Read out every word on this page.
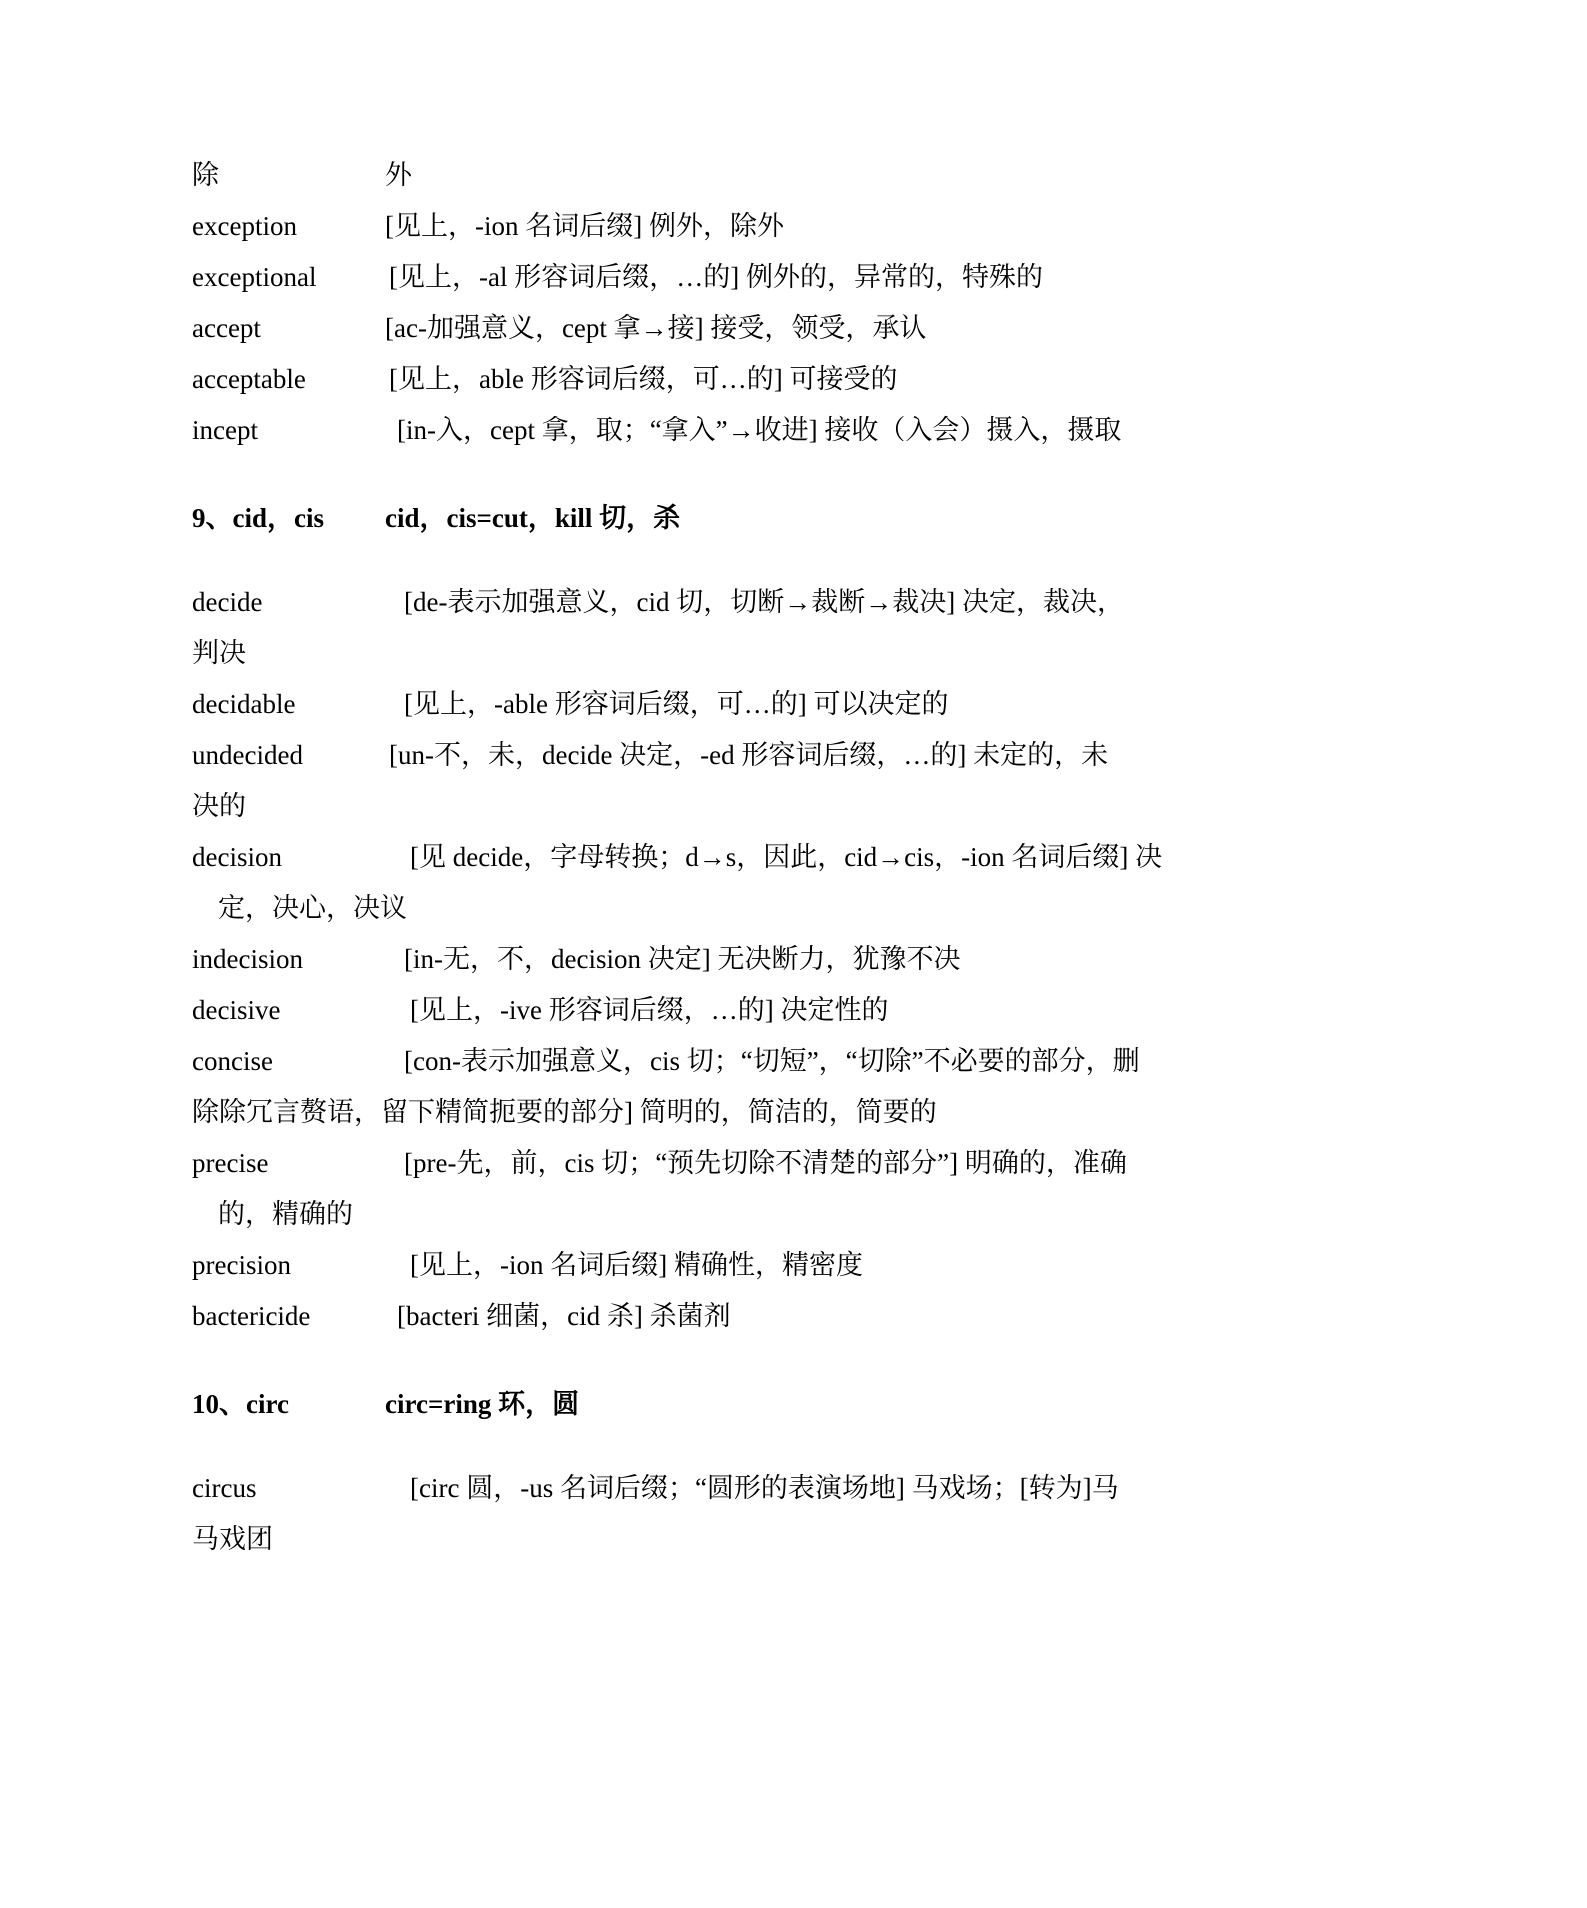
除	外
exception	[见上，-ion 名词后缀] 例外，除外
exceptional	[见上，-al 形容词后缀，…的] 例外的，异常的，特殊的
accept	[ac-加强意义，cept 拿→接] 接受，领受，承认
acceptable	[见上，able 形容词后缀，可…的] 可接受的
incept	[in-入，cept 拿，取；“拿入”→收进] 接收（入会）摄入，摄取
9、cid，cis cid，cis=cut，kill 切，杀
decide	[de-表示加强意义，cid 切，切断→裁断→裁决] 决定，裁决，
判决
decidable	[见上，-able 形容词后缀，可…的] 可以决定的
undecided	[un-不，未，decide 决定，-ed 形容词后缀，…的] 未定的，未
决的
decision	[见 decide，字母转换；d→s，因此，cid→cis，-ion 名词后缀] 决
定，决心，决议
indecision	[in-无，不，decision 决定] 无决断力，犹豫不决
decisive	[见上，-ive 形容词后缀，…的] 决定性的
concise	[con-表示加强意义，cis 切；“切短”，“切除”不必要的部分，删
除除冗言赘语，留下精简扼要的部分] 简明的，简洁的，简要的
precise	[pre-先，前，cis 切；“预先切除不清楚的部分”] 明确的，准确
的，精确的
precision	[见上，-ion 名词后缀] 精确性，精密度
bactericide	[bacteri 细菌，cid 杀] 杀菌剂
10、circ	circ=ring 环，圆
circus	[circ 圆，-us 名词后缀；“圆形的表演场地] 马戏场；[转为]马
马戏团
